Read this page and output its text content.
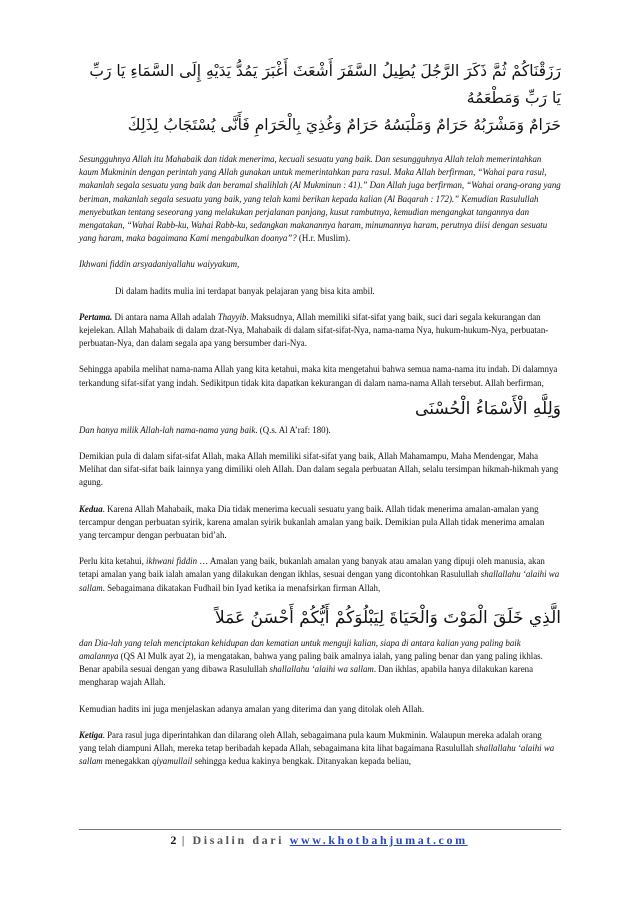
رَزَقْنَاكُمْ ثُمَّ ذَكَرَ الرَّجُلَ يُطِيلُ السَّفَرَ أَشْعَثَ أَغْبَرَ يَمُدُّ يَدَيْهِ إِلَى السَّمَاءِ يَا رَبِّ يَا رَبِّ وَمَطْعَمُهُ
حَرَامٌ وَمَشْرَبُهُ حَرَامٌ وَمَلْبَسُهُ حَرَامٌ وَغُذِيَ بِالْحَرَامِ فَأَنَّى يُسْتَجَابُ لِذَلِكَ

Sesungguhnya Allah itu Mahabaik dan tidak menerima, kecuali sesuatu yang baik. Dan sesungguhnya Allah telah memerintahkan kaum Mukminin dengan perintah yang Allah gunakan untuk memerintahkan para rasul. Maka Allah berfirman, “Wahai para rasul, makanlah segala sesuatu yang baik dan beramal shalihlah (Al Mukminun : 41).” Dan Allah juga berfirman, “Wahai orang-orang yang beriman, makanlah segala sesuatu yang baik, yang telah kami berikan kepada kalian (Al Baqarah : 172).” Kemudian Rasulullah menyebutkan tentang seseorang yang melakukan perjalanan panjang, kusut rambutnya, kemudian mengangkat tangannya dan mengatakan, “Wahai Rabb-ku, Wahai Rabb-ku, sedangkan makanannya haram, minumannya haram, perutnya diisi dengan sesuatu yang haram, maka bagaimana Kami mengabulkan doanya”? (H.r. Muslim).

Ikhwani fiddin arsyadaniyallahu waiyyakum,

Di dalam hadits mulia ini terdapat banyak pelajaran yang bisa kita ambil.

Pertama. Di antara nama Allah adalah Thayyib. Maksudnya, Allah memiliki sifat-sifat yang baik, suci dari segala kekurangan dan kejelekan. Allah Mahabaik di dalam dzat-Nya, Mahabaik di dalam sifat-sifat-Nya, nama-nama Nya, hukum-hukum-Nya, perbuatan-perbuatan-Nya, dan dalam segala apa yang bersumber dari-Nya.

Sehingga apabila melihat nama-nama Allah yang kita ketahui, maka kita mengetahui bahwa semua nama-nama itu indah. Di dalamnya terkandung sifat-sifat yang indah. Sedikitpun tidak kita dapatkan kekurangan di dalam nama-nama Allah tersebut. Allah berfirman,

وَلِلَّهِ الْأَسْمَاءُ الْحُسْنَى

Dan hanya milik Allah-lah nama-nama yang baik. (Q.s. Al A’raf: 180).

Demikian pula di dalam sifat-sifat Allah, maka Allah memiliki sifat-sifat yang baik, Allah Mahamampu, Maha Mendengar, Maha Melihat dan sifat-sifat baik lainnya yang dimiliki oleh Allah. Dan dalam segala perbuatan Allah, selalu tersimpan hikmah-hikmah yang agung.

Kedua. Karena Allah Mahabaik, maka Dia tidak menerima kecuali sesuatu yang baik. Allah tidak menerima amalan-amalan yang tercampur dengan perbuatan syirik, karena amalan syirik bukanlah amalan yang baik. Demikian pula Allah tidak menerima amalan yang tercampur dengan perbuatan bid’ah.

Perlu kita ketahui, ikhwani fiddin … Amalan yang baik, bukanlah amalan yang banyak atau amalan yang dipuji oleh manusia, akan tetapi amalan yang baik ialah amalan yang dilakukan dengan ikhlas, sesuai dengan yang dicontohkan Rasulullah shallallahu ‘alaihi wa sallam. Sebagaimana dikatakan Fudhail bin Iyad ketika ia menafsirkan firman Allah,

الَّذِي خَلَقَ الْمَوْتَ وَالْحَيَاةَ لِيَبْلُوَكُمْ أَيُّكُمْ أَحْسَنُ عَمَلاً

dan Dia-lah yang telah menciptakan kehidupan dan kematian untuk menguji kalian, siapa di antara kalian yang paling baik amalannya (QS Al Mulk ayat 2), ia mengatakan, bahwa yang paling baik amalnya ialah, yang paling benar dan yang paling ikhlas. Benar apabila sesuai dengan yang dibawa Rasulullah shallallahu ‘alaihi wa sallam. Dan ikhlas, apabila hanya dilakukan karena mengharap wajah Allah.

Kemudian hadits ini juga menjelaskan adanya amalan yang diterima dan yang ditolak oleh Allah.

Ketiga. Para rasul juga diperintahkan dan dilarang oleh Allah, sebagaimana pula kaum Mukminin. Walaupun mereka adalah orang yang telah diampuni Allah, mereka tetap beribadah kepada Allah, sebagaimana kita lihat bagaimana Rasulullah shallallahu ‘alaihi wa sallam menegakkan qiyamullail sehingga kedua kakinya bengkak. Ditanyakan kepada beliau,

2 | Disalin dari www.khotbahjumat.com
